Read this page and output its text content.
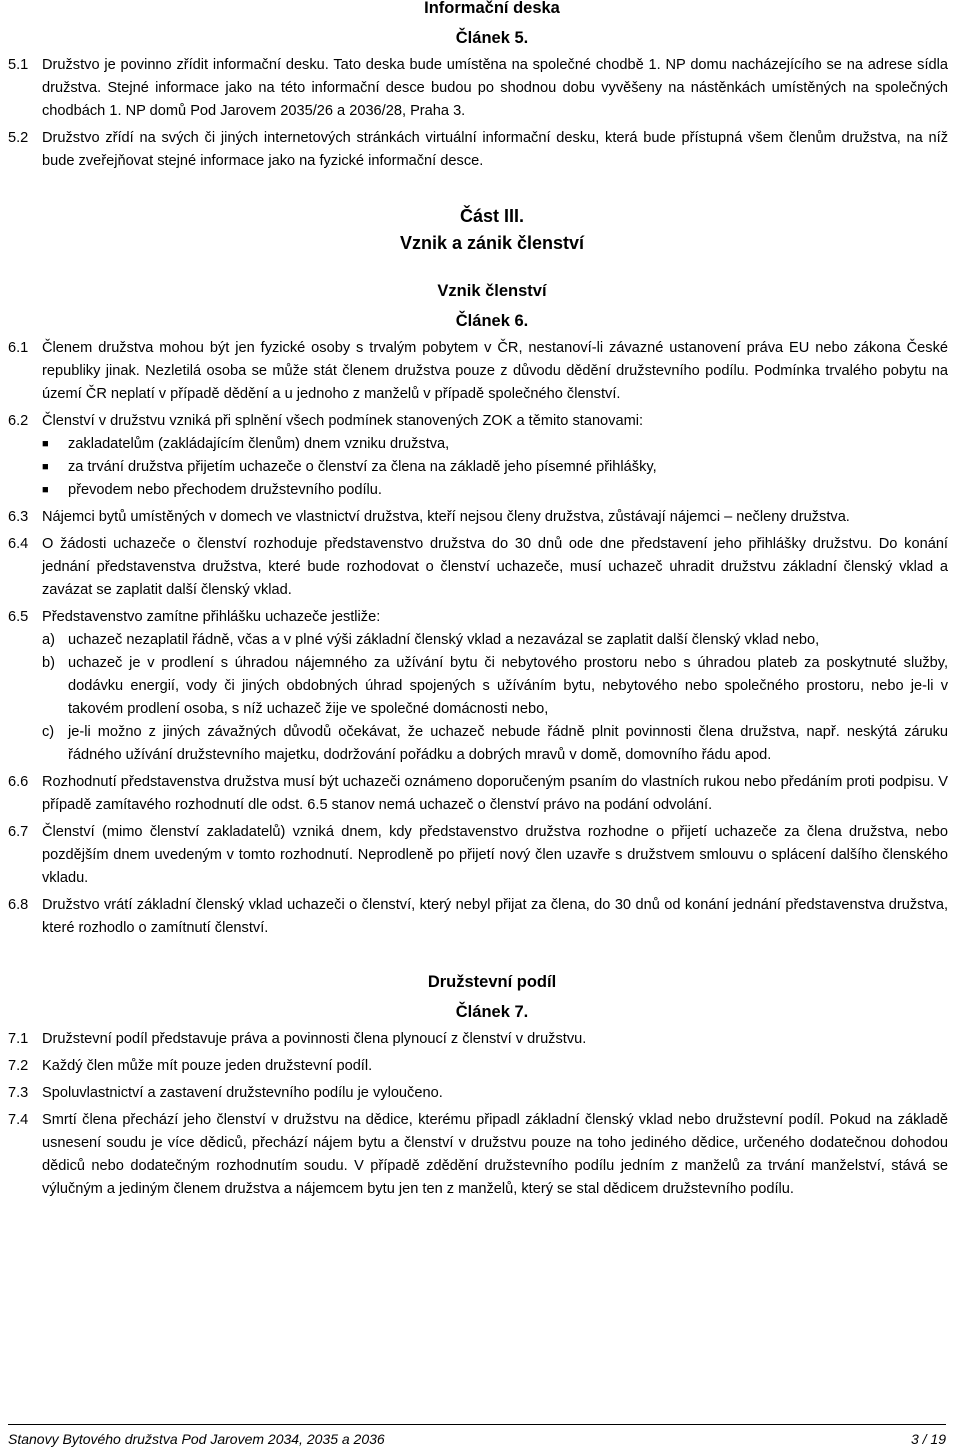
Informační deska
Článek 5.
5.1 Družstvo je povinno zřídit informační desku. Tato deska bude umístěna na společné chodbě 1. NP domu nacházejícího se na adrese sídla družstva. Stejné informace jako na této informační desce budou po shodnou dobu vyvěšeny na nástěnkách umístěných na společných chodbách 1. NP domů Pod Jarovem 2035/26 a 2036/28, Praha 3.
5.2 Družstvo zřídí na svých či jiných internetových stránkách virtuální informační desku, která bude přístupná všem členům družstva, na níž bude zveřejňovat stejné informace jako na fyzické informační desce.
Část III.
Vznik a zánik členství
Vznik členství
Článek 6.
6.1 Členem družstva mohou být jen fyzické osoby s trvalým pobytem v ČR, nestanoví-li závazné ustanovení práva EU nebo zákona České republiky jinak. Nezletilá osoba se může stát členem družstva pouze z důvodu dědění družstevního podílu. Podmínka trvalého pobytu na území ČR neplatí v případě dědění a u jednoho z manželů v případě společného členství.
6.2 Členství v družstvu vzniká při splnění všech podmínek stanovených ZOK a těmito stanovami:
■	zakladatelům (zakládajícím členům) dnem vzniku družstva,
■	za trvání družstva přijetím uchazeče o členství za člena na základě jeho písemné přihlášky,
■	převodem nebo přechodem družstevního podílu.
6.3 Nájemci bytů umístěných v domech ve vlastnictví družstva, kteří nejsou členy družstva, zůstávají nájemci – nečleny družstva.
6.4 O žádosti uchazeče o členství rozhoduje představenstvo družstva do 30 dnů ode dne představení jeho přihlášky družstvu. Do konání jednání představenstva družstva, které bude rozhodovat o členství uchazeče, musí uchazeč uhradit družstvu základní členský vklad a zavázat se zaplatit další členský vklad.
6.5 Představenstvo zamítne přihlášku uchazeče jestliže:
a) uchazeč nezaplatil řádně, včas a v plné výši základní členský vklad a nezavázal se zaplatit další členský vklad nebo,
b) uchazeč je v prodlení s úhradou nájemného za užívání bytu či nebytového prostoru nebo s úhradou plateb za poskytnuté služby, dodávku energií, vody či jiných obdobných úhrad spojených s užíváním bytu, nebytového nebo společného prostoru, nebo je-li v takovém prodlení osoba, s níž uchazeč žije ve společné domácnosti nebo,
c) je-li možno z jiných závažných důvodů očekávat, že uchazeč nebude řádně plnit povinnosti člena družstva, např. neskýtá záruku řádného užívání družstevního majetku, dodržování pořádku a dobrých mravů v domě, domovního řádu apod.
6.6 Rozhodnutí představenstva družstva musí být uchazeči oznámeno doporučeným psaním do vlastních rukou nebo předáním proti podpisu. V případě zamítavého rozhodnutí dle odst. 6.5 stanov nemá uchazeč o členství právo na podání odvolání.
6.7 Členství (mimo členství zakladatelů) vzniká dnem, kdy představenstvo družstva rozhodne o přijetí uchazeče za člena družstva, nebo pozdějším dnem uvedeným v tomto rozhodnutí. Neprodleně po přijetí nový člen uzavře s družstvem smlouvu o splácení dalšího členského vkladu.
6.8 Družstvo vrátí základní členský vklad uchazeči o členství, který nebyl přijat za člena, do 30 dnů od konání jednání představenstva družstva, které rozhodlo o zamítnutí členství.
Družstevní podíl
Článek 7.
7.1 Družstevní podíl představuje práva a povinnosti člena plynoucí z členství v družstvu.
7.2 Každý člen může mít pouze jeden družstevní podíl.
7.3 Spoluvlastnictví a zastavení družstevního podílu je vyloučeno.
7.4 Smrtí člena přechází jeho členství v družstvu na dědice, kterému připadl základní členský vklad nebo družstevní podíl. Pokud na základě usnesení soudu je více dědiců, přechází nájem bytu a členství v družstvu pouze na toho jediného dědice, určeného dodatečnou dohodou dědiců nebo dodatečným rozhodnutím soudu. V případě zdědění družstevního podílu jedním z manželů za trvání manželství, stává se výlučným a jediným členem družstva a nájemcem bytu jen ten z manželů, který se stal dědicem družstevního podílu.
Stanovy Bytového družstva Pod Jarovem 2034, 2035 a 2036	3 / 19
